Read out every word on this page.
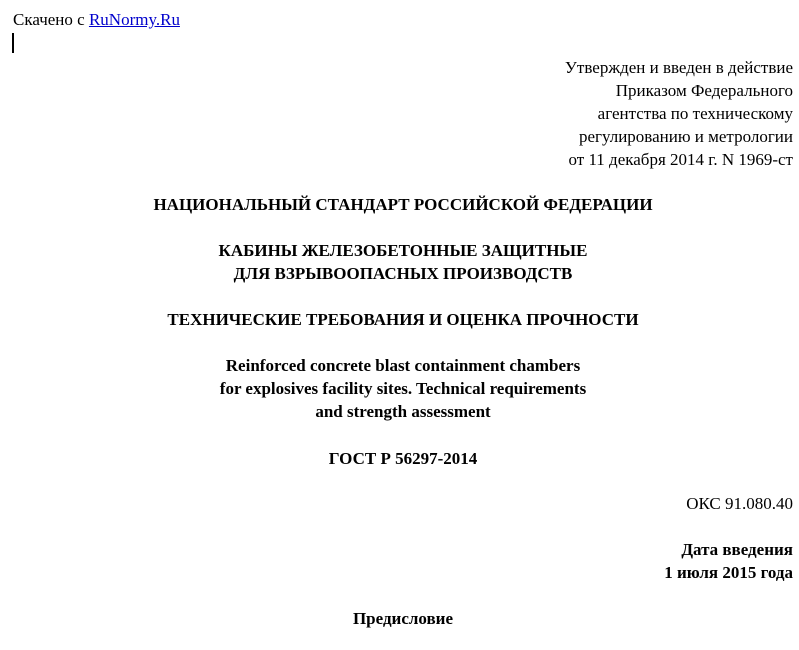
Скачено с RuNormy.Ru
Утвержден и введен в действие
Приказом Федерального
агентства по техническому
регулированию и метрологии
от 11 декабря 2014 г. N 1969-ст
НАЦИОНАЛЬНЫЙ СТАНДАРТ РОССИЙСКОЙ ФЕДЕРАЦИИ
КАБИНЫ ЖЕЛЕЗОБЕТОННЫЕ ЗАЩИТНЫЕ
ДЛЯ ВЗРЫВООПАСНЫХ ПРОИЗВОДСТВ
ТЕХНИЧЕСКИЕ ТРЕБОВАНИЯ И ОЦЕНКА ПРОЧНОСТИ
Reinforced concrete blast containment chambers
for explosives facility sites. Technical requirements
and strength assessment
ГОСТ Р 56297-2014
ОКС 91.080.40
Дата введения
1 июля 2015 года
Предисловие
